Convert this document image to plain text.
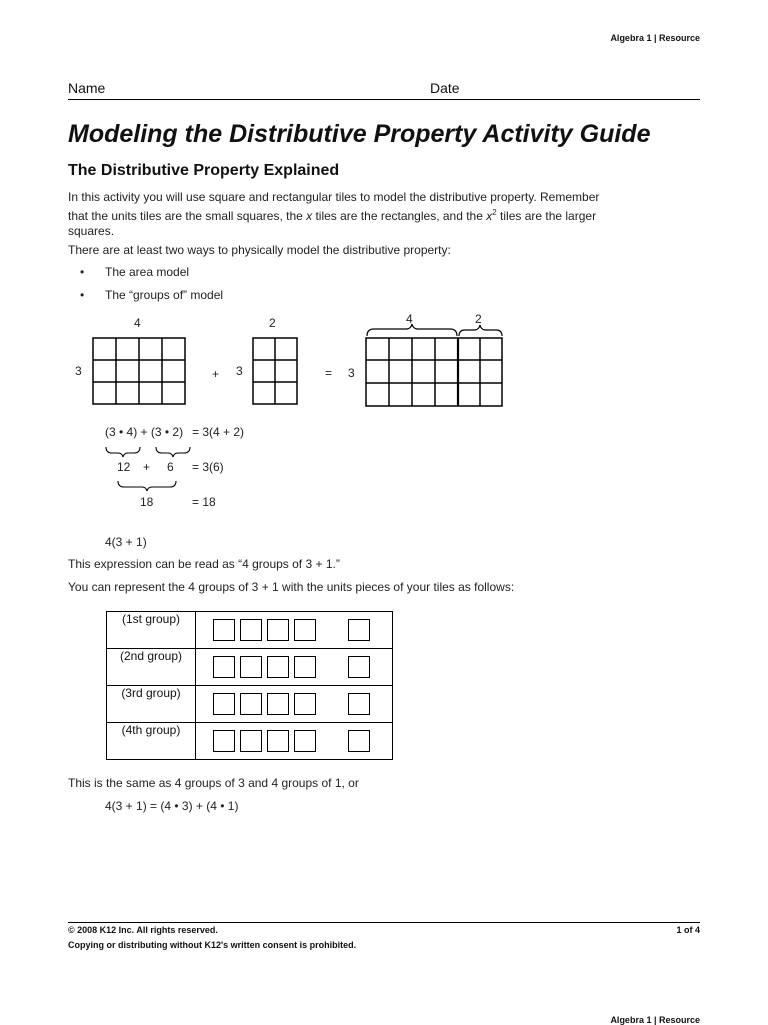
Algebra 1 | Resource
Name	Date
Modeling the Distributive Property Activity Guide
The Distributive Property Explained
In this activity you will use square and rectangular tiles to model the distributive property. Remember
that the units tiles are the small squares, the x tiles are the rectangles, and the $x^2$ tiles are the larger
squares.
There are at least two ways to physically model the distributive property:
• The area model
• The “groups of” model
4	2
3	+ 3	= 3
4	2
(3 • 4) + (3 • 2) = 3(4 + 2)
12 + 6 = 3(6)
18	= 18
4(3 + 1)
This expression can be read as “4 groups of 3 + 1.”
You can represent the 4 groups of 3 + 1 with the units pieces of your tiles as follows:
(1st group)	

(2nd group)	

(3rd group)	

(4th group)	
This is the same as 4 groups of 3 and 4 groups of 1, or
4(3 + 1) = (4 • 3) + (4 • 1)
© 2008 K12 Inc. All rights reserved.	1 of 4
Copying or distributing without K12's written consent is prohibited.
Algebra 1 | Resource
